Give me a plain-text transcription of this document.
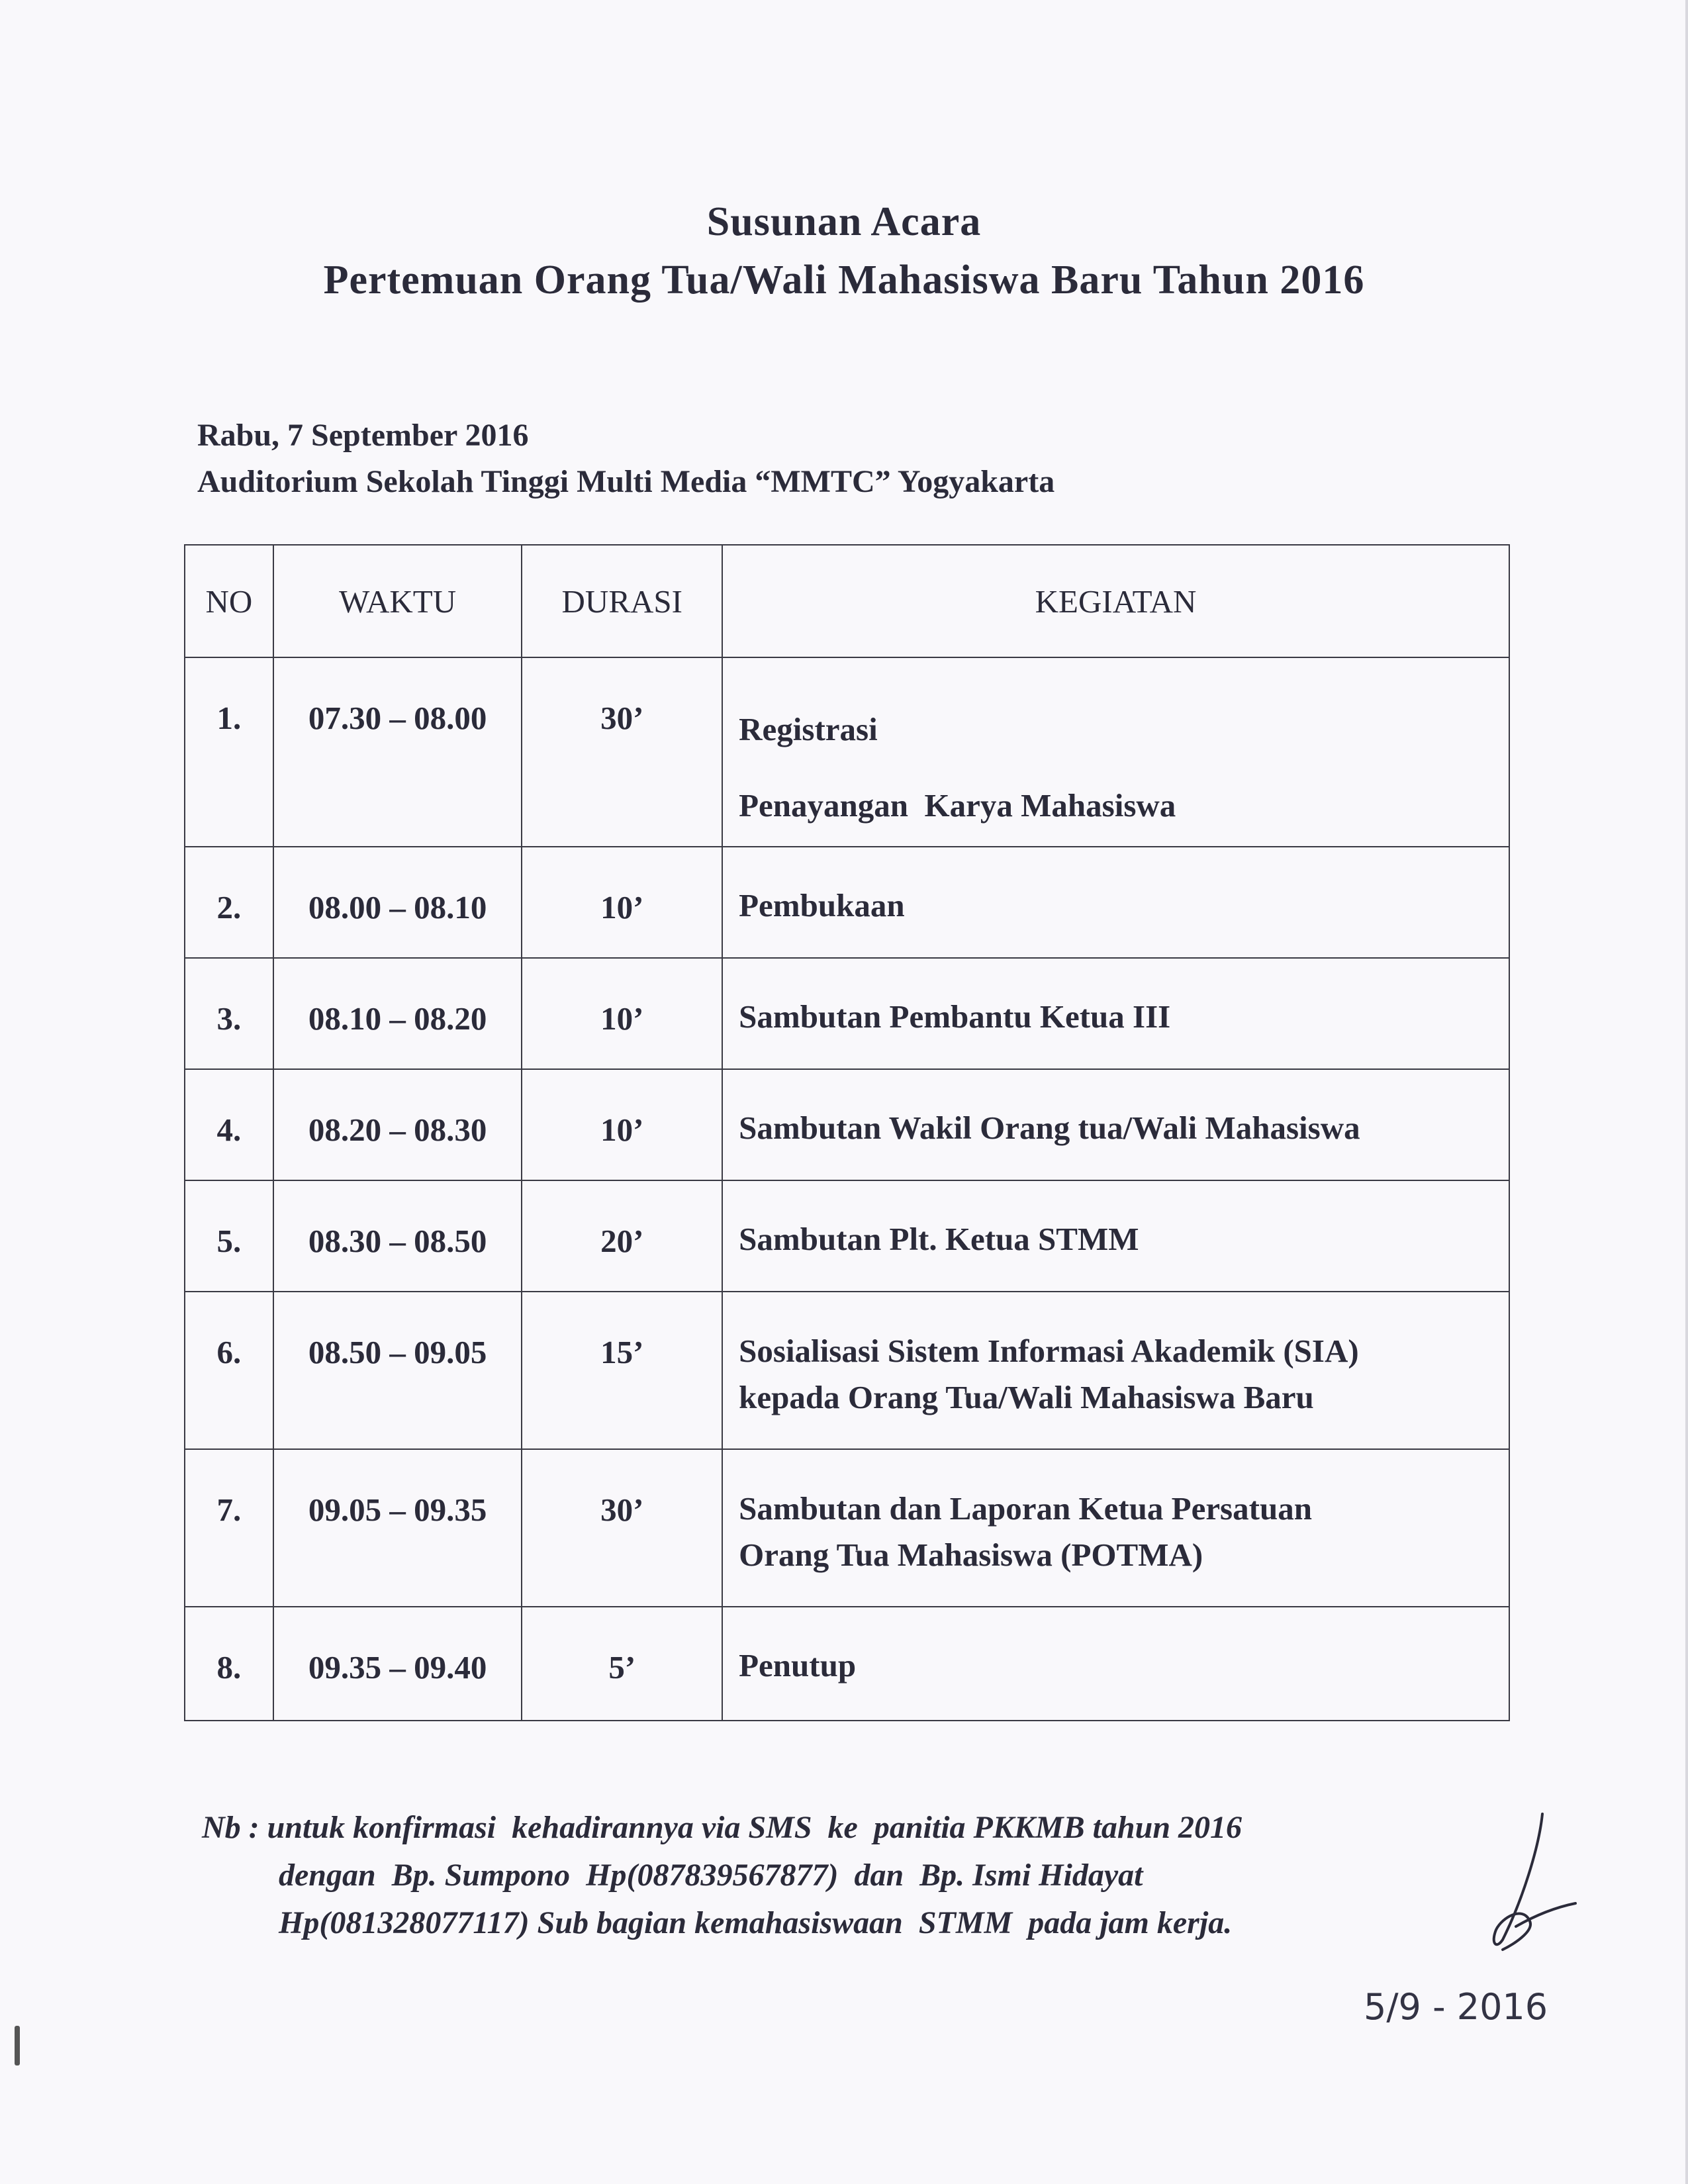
Susunan Acara
Pertemuan Orang Tua/Wali Mahasiswa Baru Tahun 2016
Rabu, 7 September 2016
Auditorium Sekolah Tinggi Multi Media “MMTC” Yogyakarta
NO	WAKTU	DURASI	KEGIATAN

1.	07.30 – 08.00	30’	Registrasi
Penayangan  Karya Mahasiswa

2.	08.00 – 08.10	10’	Pembukaan

3.	08.10 – 08.20	10’	Sambutan Pembantu Ketua III

4.	08.20 – 08.30	10’	Sambutan Wakil Orang tua/Wali Mahasiswa

5.	08.30 – 08.50	20’	Sambutan Plt. Ketua STMM

6.	08.50 – 09.05	15’	Sosialisasi Sistem Informasi Akademik (SIA)
kepada Orang Tua/Wali Mahasiswa Baru

7.	09.05 – 09.35	30’	Sambutan dan Laporan Ketua Persatuan
Orang Tua Mahasiswa (POTMA)

8.	09.35 – 09.40	5’	Penutup
Nb : untuk konfirmasi  kehadirannya via SMS  ke  panitia PKKMB tahun 2016
dengan  Bp. Sumpono  Hp(087839567877)  dan  Bp. Ismi Hidayat
Hp(081328077117) Sub bagian kemahasiswaan  STMM  pada jam kerja.
5/9 - 2016
